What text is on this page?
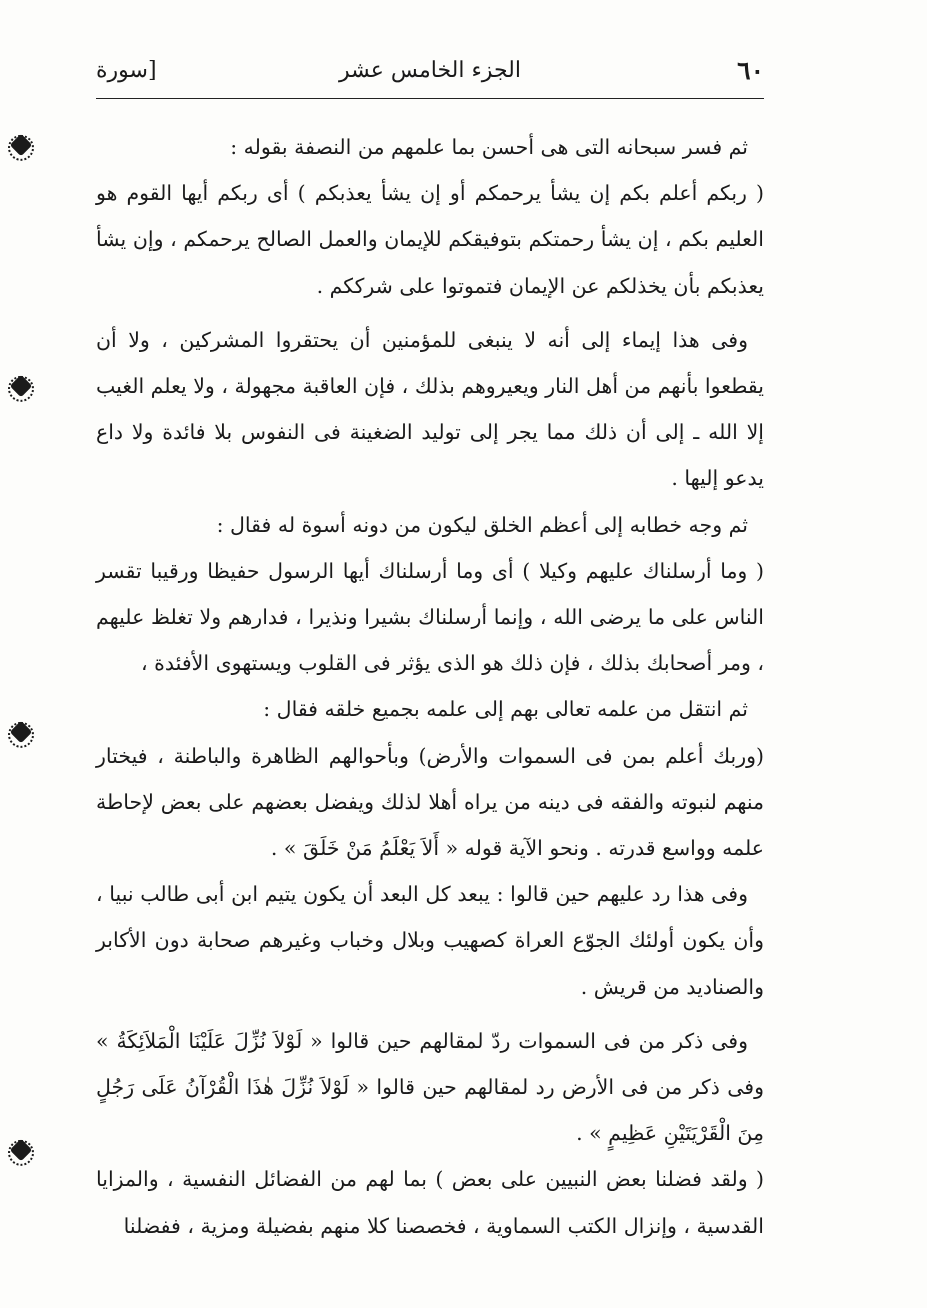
٦٠
الجزء الخامس عشر
[سورة

ثم فسر سبحانه التى هى أحسن بما علمهم من النصفة بقوله :

( ربكم أعلم بكم إن يشأ يرحمكم أو إن يشأ يعذبكم ) أى ربكم أيها القوم هو العليم بكم ، إن يشأ رحمتكم بتوفيقكم للإيمان والعمل الصالح يرحمكم ، وإن يشأ يعذبكم بأن يخذلكم عن الإيمان فتموتوا على شرككم .

وفى هذا إيماء إلى أنه لا ينبغى للمؤمنين أن يحتقروا المشركين ، ولا أن يقطعوا بأنهم من أهل النار ويعيروهم بذلك ، فإن العاقبة مجهولة ، ولا يعلم الغيب إلا الله ـ إلى أن ذلك مما يجر إلى توليد الضغينة فى النفوس بلا فائدة ولا داع يدعو إليها .

ثم وجه خطابه إلى أعظم الخلق ليكون من دونه أسوة له فقال :

( وما أرسلناك عليهم وكيلا ) أى وما أرسلناك أيها الرسول حفيظا ورقيبا تقسر الناس على ما يرضى الله ، وإنما أرسلناك بشيرا ونذيرا ، فدارهم ولا تغلظ عليهم ، ومر أصحابك بذلك ، فإن ذلك هو الذى يؤثر فى القلوب ويستهوى الأفئدة ،

ثم انتقل من علمه تعالى بهم إلى علمه بجميع خلقه فقال :

(وربك أعلم بمن فى السموات والأرض) وبأحوالهم الظاهرة والباطنة ، فيختار منهم لنبوته والفقه فى دينه من يراه أهلا لذلك ويفضل بعضهم على بعض لإحاطة علمه وواسع قدرته . ونحو الآية قوله « أَلاَ يَعْلَمُ مَنْ خَلَقَ » .

وفى هذا رد عليهم حين قالوا : يبعد كل البعد أن يكون يتيم ابن أبى طالب نبيا ، وأن يكون أولئك الجوّع العراة كصهيب وبلال وخباب وغيرهم صحابة دون الأكابر والصناديد من قريش .

وفى ذكر من فى السموات ردّ لمقالهم حين قالوا « لَوْلاَ نُزِّلَ عَلَيْنَا الْمَلاَئِكَةُ » وفى ذكر من فى الأرض رد لمقالهم حين قالوا « لَوْلاَ نُزِّلَ هٰذَا الْقُرْآنُ عَلَى رَجُلٍ مِنَ الْقَرْيَتَيْنِ عَظِيمٍ » .

( ولقد فضلنا بعض النبيين على بعض ) بما لهم من الفضائل النفسية ، والمزايا القدسية ، وإنزال الكتب السماوية ، فخصصنا كلا منهم بفضيلة ومزية ، ففضلنا
